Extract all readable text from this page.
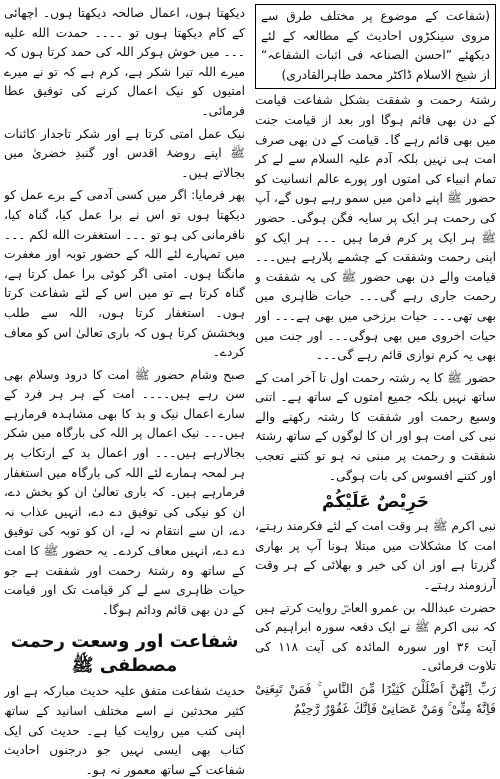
دیکھتا ہوں، اعمال صالحہ دیکھتا ہوں۔ اچھائی کے کام دیکھتا ہوں تو ۔۔۔۔ حمدت الله علیه ۔۔۔ میں خوش ہوکر اللہ کی حمد کرتا ہوں کہ میرے اللہ تیرا شکر ہے، کرم ہے کہ تو نے میرے امتیوں کو نیک اعمال کرنے کی توفیق عطا فرمائی۔

نیک عمل امتی کرتا ہے اور شکر تاجدار کائنات ﷺ اپنے روضۂ اقدس اور گنبدِ خضریٰ میں بجالاتے ہیں۔

پھر فرمایا: اگر میں کسی آدمی کے برے عمل کو دیکھتا ہوں تو اس نے برا عمل کیا، گناہ کیا، نافرمانی کی ہو تو ۔۔۔ استغفرت الله لکم ۔۔۔ میں تمہارے لئے اللہ کے حضور توبہ اور مغفرت مانگتا ہوں۔ امتی اگر کوئی برا عمل کرتا ہے، گناہ کرتا ہے تو میں اس کے لئے شفاعت کرتا ہوں۔ استغفار کرتا ہوں، اللہ سے طلب وبخشش کرتا ہوں کہ باری تعالیٰ اس کو معاف کردے۔

صبح وشام حضور ﷺ امت کا درود وسلام بھی سن رہے ہیں۔۔۔۔ امت کے ہر ہر فرد کے سارے اعمال نیک و بد کا بھی مشاہدہ فرمارہے ہیں۔۔۔ نیک اعمال پر اللہ کی بارگاہ میں شکر بجالارہے ہیں۔۔۔ اور اعمال بد کے ارتکاب پر ہر لمحہ ہمارے لئے اللہ کی بارگاہ میں استغفار فرمارہے ہیں۔ کہ باری تعالیٰ ان کو بخش دے، ان کو نیکی کی توفیق دے دے، انہیں عذاب نہ دے، ان سے انتقام نہ لے، ان کو توبہ کی توفیق دے دے، انہیں معاف کردے۔ یہ حضور ﷺ کا امت کے ساتھ وہ رشتۂ رحمت اور شفقت ہے جو حیات ظاہری سے لے کر قیامت تک اور قیامت کے دن بھی قائم ودائم ہوگا۔

شفاعت اور وسعت رحمت مصطفی ﷺ

حدیث شفاعت متفق علیہ حدیث مبارکہ ہے اور کثیر محدثین نے اسے مختلف اسانید کے ساتھ اپنی کتب میں روایت کیا ہے۔ حدیث کی ایک کتاب بھی ایسی نہیں جو درجنوں احادیث شفاعت کے ساتھ معمور نہ ہو۔

(شفاعت کے موضوع پر مختلف طرق سے مروی سینکڑوں احادیث کے مطالعہ کے لئے دیکھئے ”احسن الصناعہ فی اثبات الشفاعہ“ از شیخ الاسلام ڈاکٹر محمد طاہرالقادری)

رشتۂ رحمت و شفقت بشکل شفاعت قیامت کے دن بھی قائم ہوگا اور بعد از قیامت جنت میں بھی قائم رہے گا۔ قیامت کے دن بھی صرف امت ہی نہیں بلکہ آدم علیہ السلام سے لے کر تمام انبیاء کی امتوں اور پورے عالم انسانیت کو حضور ﷺ اپنے دامن میں سمو رہے ہوں گے، آپ کی رحمت ہر ایک پر سایہ فگن ہوگی۔ حضور ﷺ ہر ایک پر کرم فرما ہیں ۔۔۔ ہر ایک کو اپنی رحمت وشفقت کے چشمے پلارہے ہیں۔۔۔ قیامت والے دن بھی حضور ﷺ کی یہ شفقت و رحمت جاری رہے گی۔۔۔ حیات ظاہری میں بھی تھی۔۔۔ حیات برزخی میں بھی ہے۔۔۔ اور حیات اخروی میں بھی ہوگی۔۔۔ اور جنت میں بھی یہ کرم نوازی قائم رہے گی۔۔۔

حضور ﷺ کا یہ رشتہ رحمت اول تا آخر امت کے ساتھ نہیں بلکہ جمیع امتوں کے ساتھ ہے۔ اتنی وسیع رحمت اور شفقت کا رشتہ رکھنے والے نبی کی امت ہو اور ان کا لوگوں کے ساتھ رشتۂ شفقت و رحمت پر مبنی نہ ہو تو کتنے تعجب اور کتنے افسوس کی بات ہوگی۔

حَرِيْصٌ عَلَيْكُمْ

نبی اکرم ﷺ ہر وقت امت کے لئے فکرمند رہتے، امت کا مشکلات میں مبتلا ہونا آپ پر بھاری گزرتا ہے اور ان کی خیر و بھلائی کے ہر وقت آرزومند رہتے۔

حضرت عبداللہ بن عمرو العاصؓ روایت کرتے ہیں کہ نبی اکرم ﷺ نے ایک دفعہ سورہ ابراہیم کی آیت ۳۶ اور سورہ المائدہ کی آیت ۱۱۸ کی تلاوت فرمائی۔

رَبِّ اِنَّهُنَّ اَضْلَلْنَ كَثِيْرًا مِّنَ النَّاسِ ۚ فَمَنْ تَبِعَنِىْ فَاِنَّهٗ مِنِّىْ ۚ وَمَنْ عَصَانِىْ فَاِنَّكَ غَفُوْرٌ رَّحِيْمٌ
